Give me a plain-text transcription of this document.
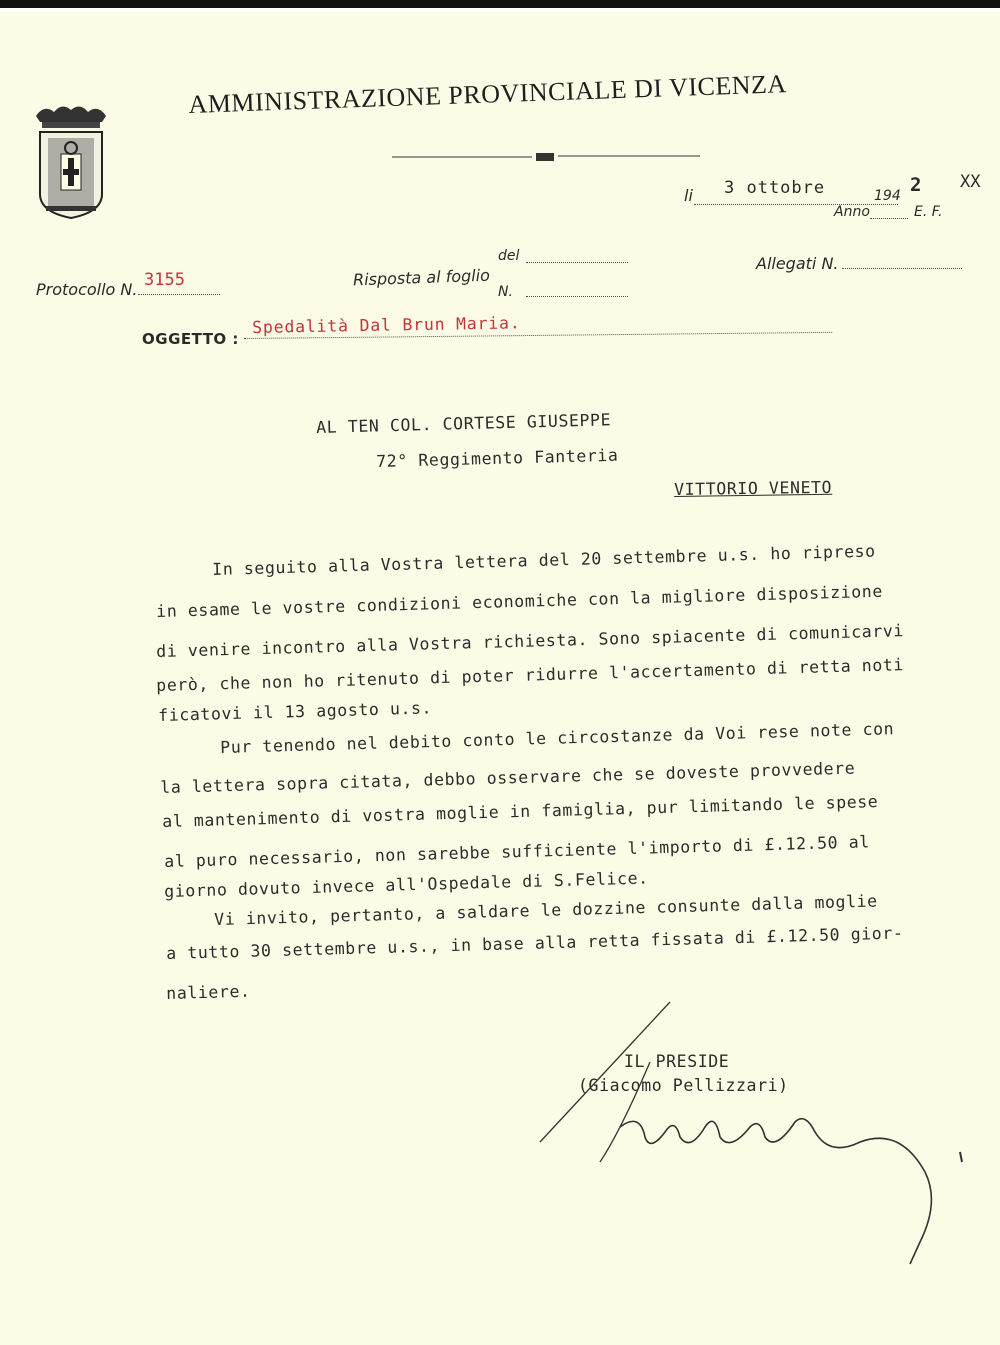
AMMINISTRAZIONE PROVINCIALE DI VICENZA
li 3 ottobre	194 2 XX
Anno	E. F.
Protocollo N. 3155	Risposta al foglio
del
N.
Allegati N.
OGGETTO :
Spedalità Dal Brun Maria.
AL TEN COL. CORTESE GIUSEPPE
72° Reggimento Fanteria
VITTORIO VENETO
In seguito alla Vostra lettera del 20 settembre u.s. ho ripreso
in esame le vostre condizioni economiche con la migliore disposizione
di venire incontro alla Vostra richiesta. Sono spiacente di comunicarvi
però, che non ho ritenuto di poter ridurre l'accertamento di retta noti
ficatovi il 13 agosto u.s.
Pur tenendo nel debito conto le circostanze da Voi rese note con
la lettera sopra citata, debbo osservare che se doveste provvedere
al mantenimento di vostra moglie in famiglia, pur limitando le spese
al puro necessario, non sarebbe sufficiente l'importo di £.12.50 al
giorno dovuto invece all'Ospedale di S.Felice.
Vi invito, pertanto, a saldare le dozzine consunte dalla moglie
a tutto 30 settembre u.s., in base alla retta fissata di £.12.50 gior-
naliere.
IL PRESIDE
(Giacomo Pellizzari)
